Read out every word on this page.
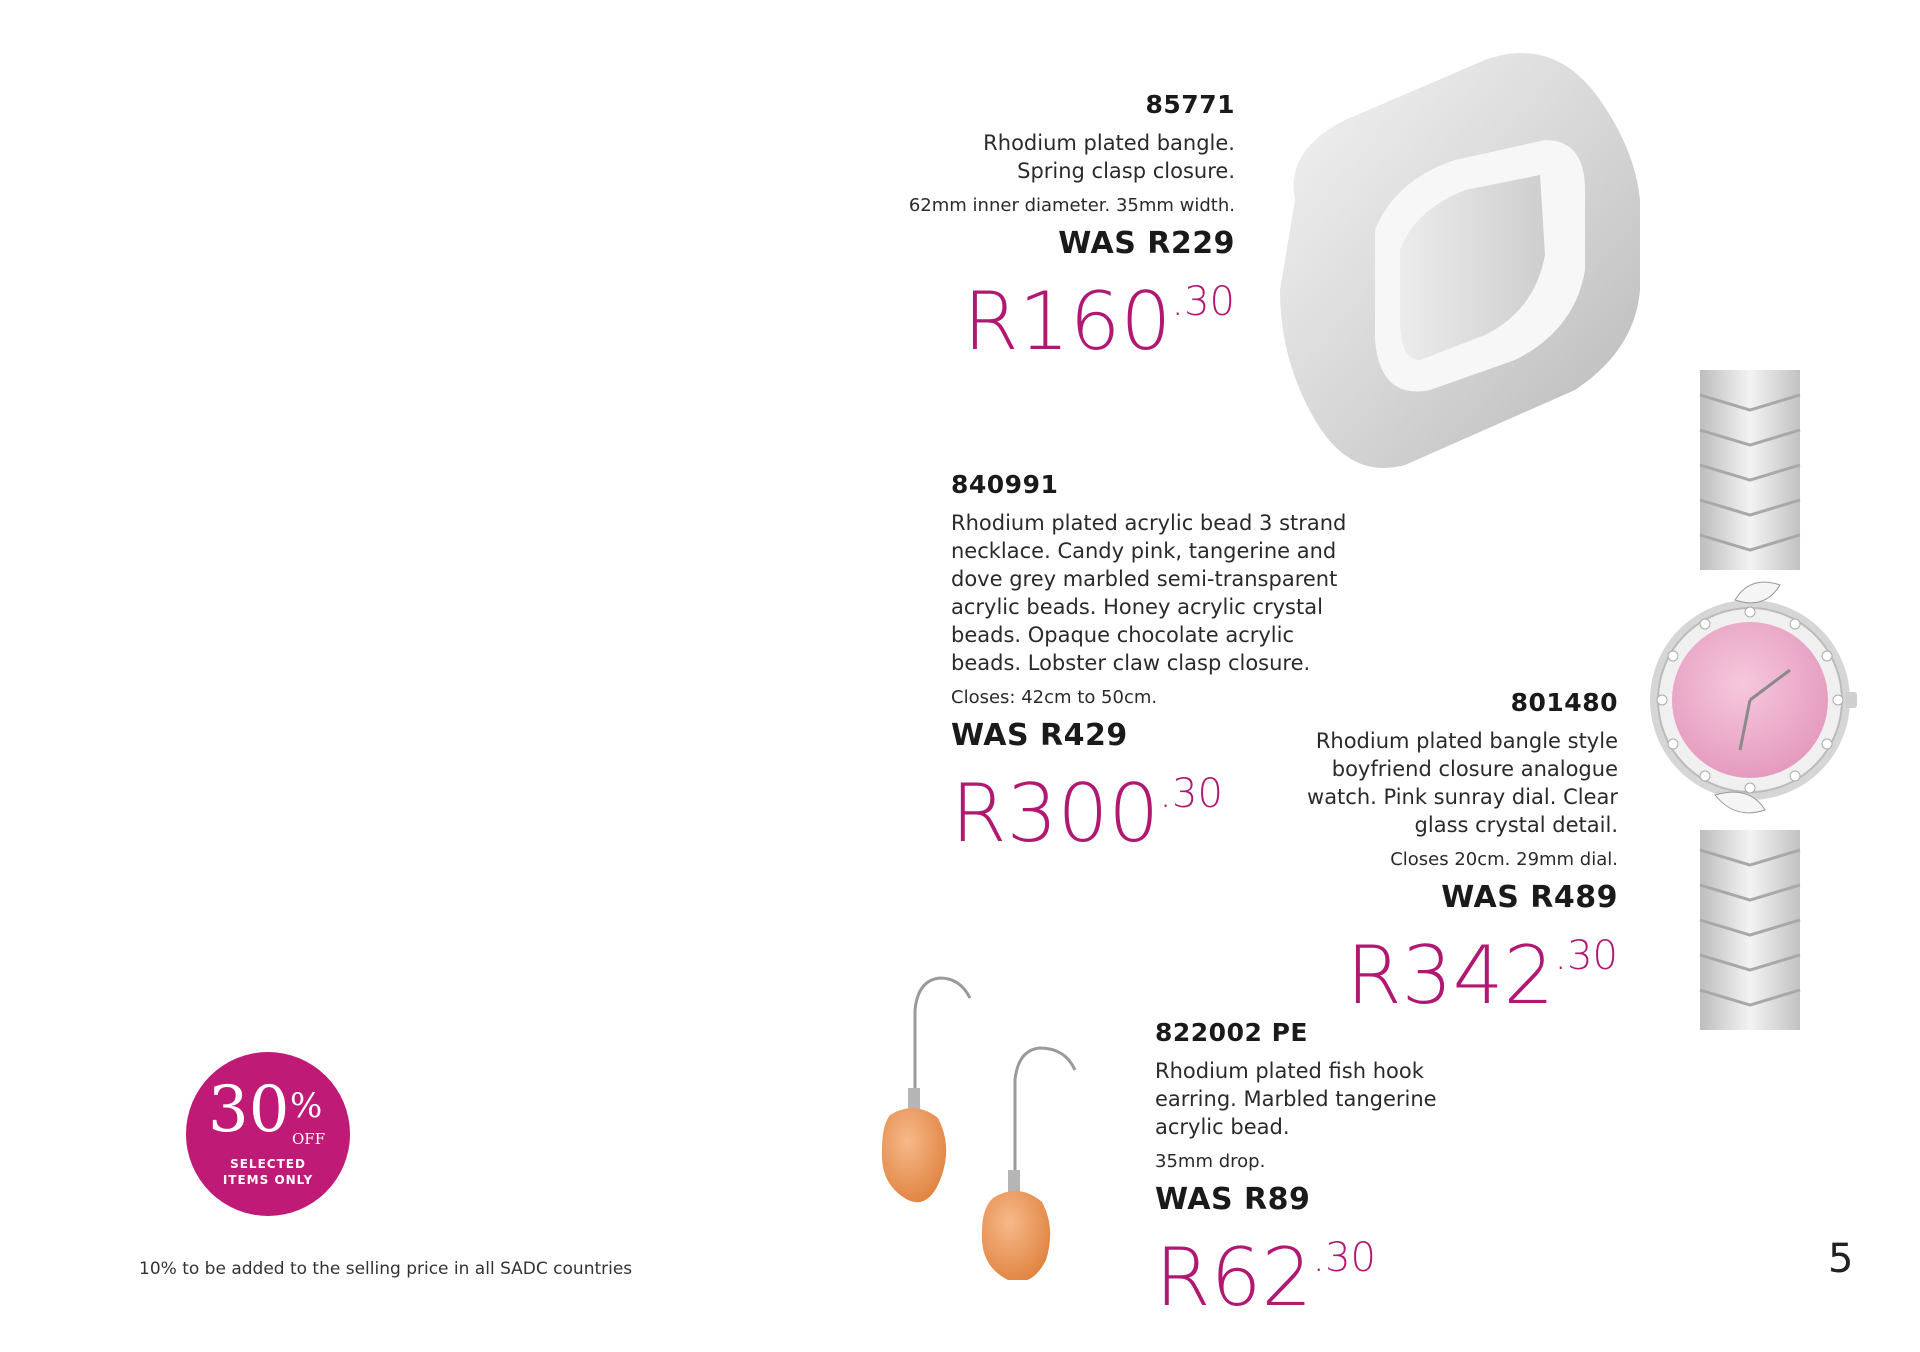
85771

Rhodium plated bangle. Spring clasp closure.

62mm inner diameter. 35mm width.

WAS R229

$R160^{.30}$

840991

Rhodium plated acrylic bead 3 strand necklace. Candy pink, tangerine and dove grey marbled semi-transparent acrylic beads. Honey acrylic crystal beads. Opaque chocolate acrylic beads. Lobster claw clasp closure.

Closes: 42cm to 50cm.

WAS R429

$R300^{.30}$

801480

Rhodium plated bangle style boyfriend closure analogue watch. Pink sunray dial. Clear glass crystal detail.

Closes 20cm. 29mm dial.

WAS R489

$R342^{.30}$

822002 PE

Rhodium plated fish hook earring. Marbled tangerine acrylic bead.

35mm drop.

WAS R89

$R62^{.30}$
30 %
OFF
SELECTED
ITEMS ONLY
10% to be added to the selling price in all SADC countries	5
